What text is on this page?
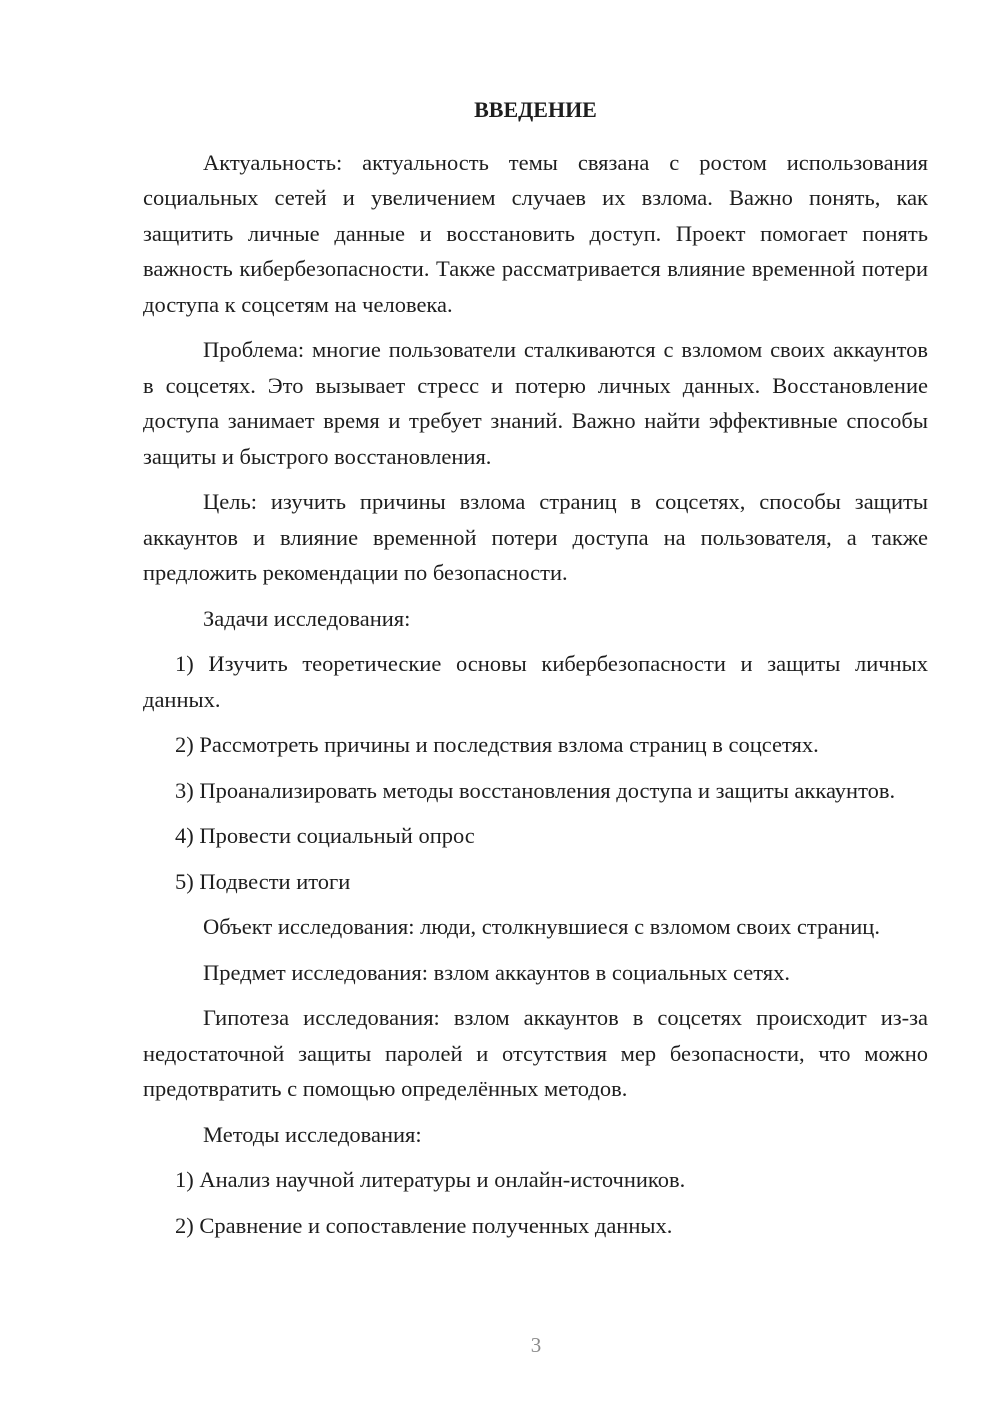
ВВЕДЕНИЕ

Актуальность: актуальность темы связана с ростом использования социальных сетей и увеличением случаев их взлома. Важно понять, как защитить личные данные и восстановить доступ. Проект помогает понять важность кибербезопасности. Также рассматривается влияние временной потери доступа к соцсетям на человека.

Проблема: многие пользователи сталкиваются с взломом своих аккаунтов в соцсетях. Это вызывает стресс и потерю личных данных. Восстановление доступа занимает время и требует знаний. Важно найти эффективные способы защиты и быстрого восстановления.

Цель: изучить причины взлома страниц в соцсетях, способы защиты аккаунтов и влияние временной потери доступа на пользователя, а также предложить рекомендации по безопасности.

Задачи исследования:

1) Изучить теоретические основы кибербезопасности и защиты личных данных.

2) Рассмотреть причины и последствия взлома страниц в соцсетях.

3) Проанализировать методы восстановления доступа и защиты аккаунтов.

4) Провести социальный опрос

5) Подвести итоги

Объект исследования: люди, столкнувшиеся с взломом своих страниц.

Предмет исследования: взлом аккаунтов в социальных сетях.

Гипотеза исследования: взлом аккаунтов в соцсетях происходит из-за недостаточной защиты паролей и отсутствия мер безопасности, что можно предотвратить с помощью определённых методов.

Методы исследования:

1) Анализ научной литературы и онлайн-источников.

2) Сравнение и сопоставление полученных данных.

3
